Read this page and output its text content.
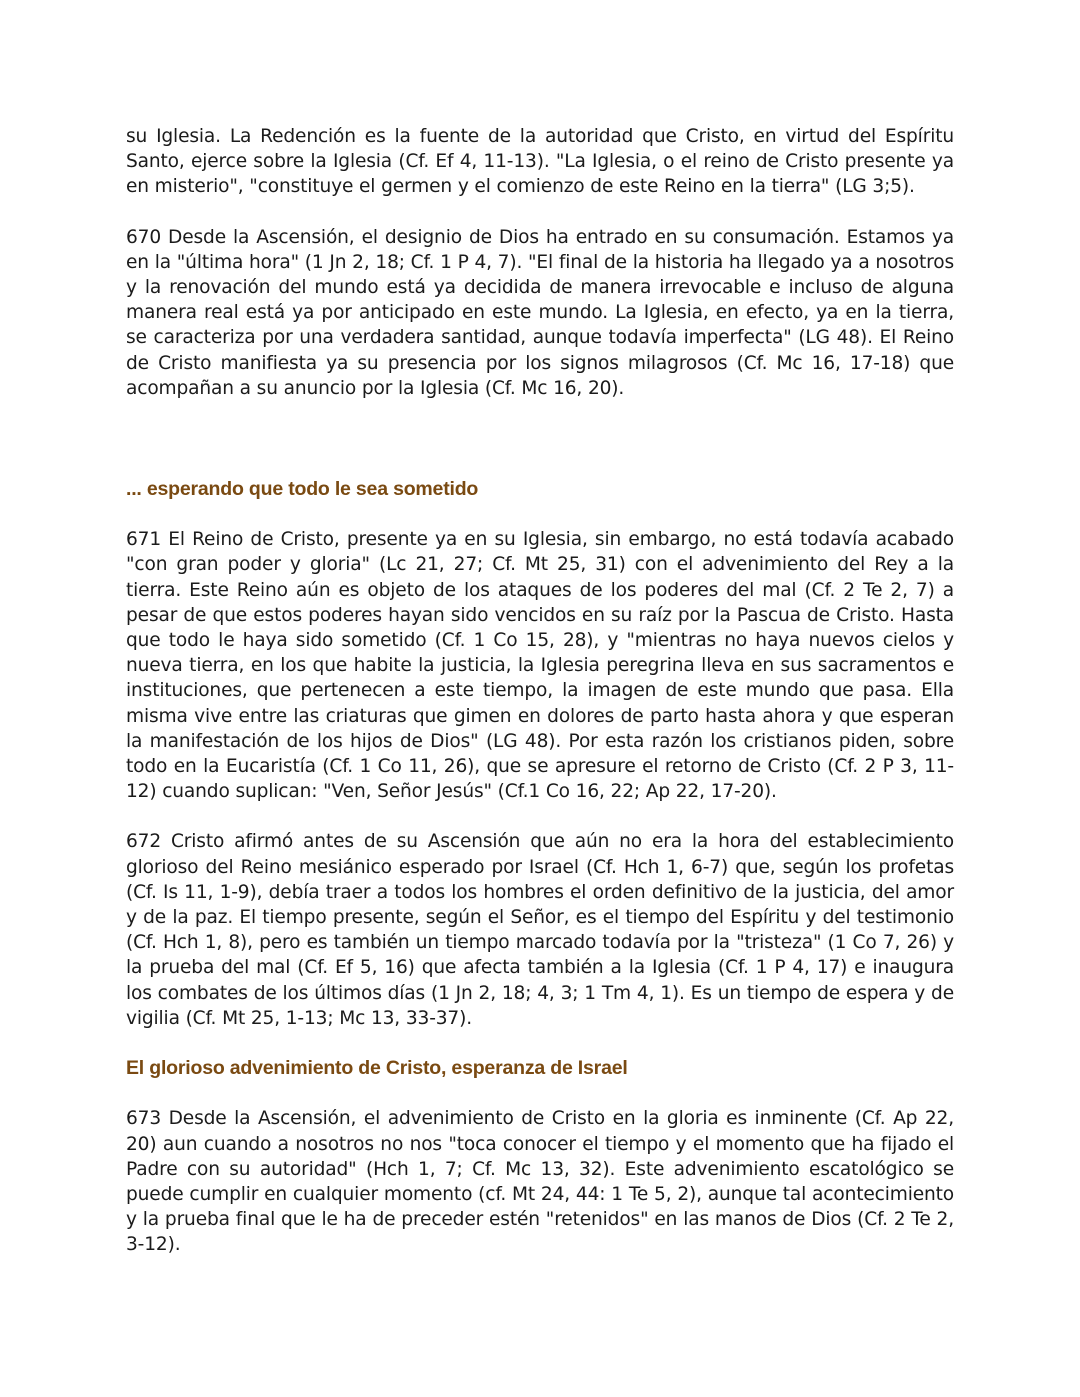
su Iglesia. La Redención es la fuente de la autoridad que Cristo, en virtud del Espíritu Santo, ejerce sobre la Iglesia (Cf. Ef 4, 11-13). "La Iglesia, o el reino de Cristo presente ya en misterio", "constituye el germen y el comienzo de este Reino en la tierra" (LG 3;5).

670 Desde la Ascensión, el designio de Dios ha entrado en su consumación. Estamos ya en la "última hora" (1 Jn 2, 18; Cf. 1 P 4, 7). "El final de la historia ha llegado ya a nosotros y la renovación del mundo está ya decidida de manera irrevocable e incluso de alguna manera real está ya por anticipado en este mundo. La Iglesia, en efecto, ya en la tierra, se caracteriza por una verdadera santidad, aunque todavía imperfecta" (LG 48). El Reino de Cristo manifiesta ya su presencia por los signos milagrosos (Cf. Mc 16, 17-18) que acompañan a su anuncio por la Iglesia (Cf. Mc 16, 20).

... esperando que todo le sea sometido

671 El Reino de Cristo, presente ya en su Iglesia, sin embargo, no está todavía acabado "con gran poder y gloria" (Lc 21, 27; Cf. Mt 25, 31) con el advenimiento del Rey a la tierra. Este Reino aún es objeto de los ataques de los poderes del mal (Cf. 2 Te 2, 7) a pesar de que estos poderes hayan sido vencidos en su raíz por la Pascua de Cristo. Hasta que todo le haya sido sometido (Cf. 1 Co 15, 28), y "mientras no haya nuevos cielos y nueva tierra, en los que habite la justicia, la Iglesia peregrina lleva en sus sacramentos e instituciones, que pertenecen a este tiempo, la imagen de este mundo que pasa. Ella misma vive entre las criaturas que gimen en dolores de parto hasta ahora y que esperan la manifestación de los hijos de Dios" (LG 48). Por esta razón los cristianos piden, sobre todo en la Eucaristía (Cf. 1 Co 11, 26), que se apresure el retorno de Cristo (Cf. 2 P 3, 11-12) cuando suplican: "Ven, Señor Jesús" (Cf.1 Co 16, 22; Ap 22, 17-20).

672 Cristo afirmó antes de su Ascensión que aún no era la hora del establecimiento glorioso del Reino mesiánico esperado por Israel (Cf. Hch 1, 6-7) que, según los profetas (Cf. Is 11, 1-9), debía traer a todos los hombres el orden definitivo de la justicia, del amor y de la paz. El tiempo presente, según el Señor, es el tiempo del Espíritu y del testimonio (Cf. Hch 1, 8), pero es también un tiempo marcado todavía por la "tristeza" (1 Co 7, 26) y la prueba del mal (Cf. Ef 5, 16) que afecta también a la Iglesia (Cf. 1 P 4, 17) e inaugura los combates de los últimos días (1 Jn 2, 18; 4, 3; 1 Tm 4, 1). Es un tiempo de espera y de vigilia (Cf. Mt 25, 1-13; Mc 13, 33-37).

El glorioso advenimiento de Cristo, esperanza de Israel

673 Desde la Ascensión, el advenimiento de Cristo en la gloria es inminente (Cf. Ap 22, 20) aun cuando a nosotros no nos "toca conocer el tiempo y el momento que ha fijado el Padre con su autoridad" (Hch 1, 7; Cf. Mc 13, 32). Este advenimiento escatológico se puede cumplir en cualquier momento (cf. Mt 24, 44: 1 Te 5, 2), aunque tal acontecimiento y la prueba final que le ha de preceder estén "retenidos" en las manos de Dios (Cf. 2 Te 2, 3-12).
